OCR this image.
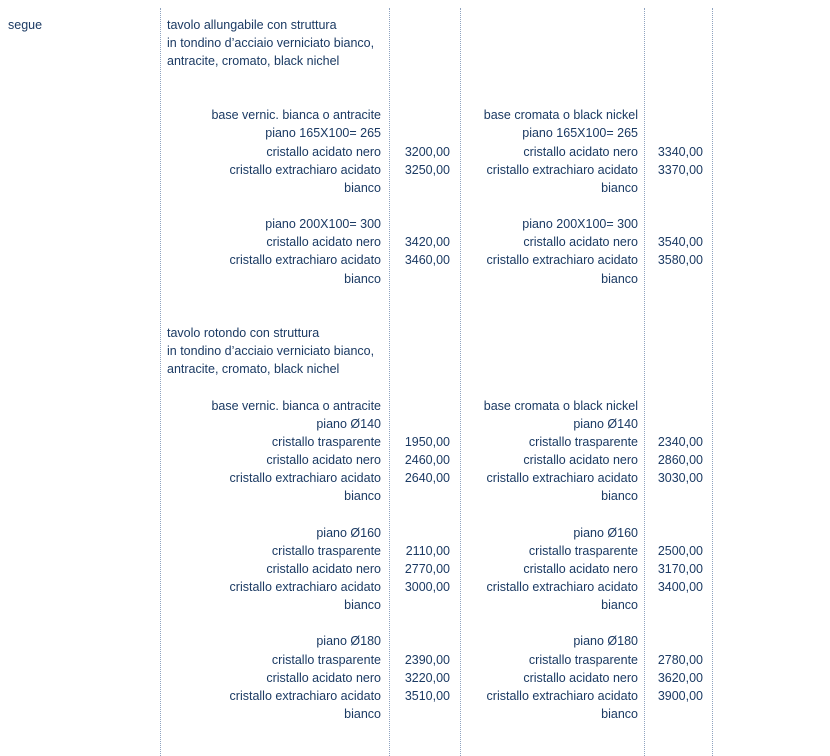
segue	tavolo allungabile con struttura
in tondino d’acciaio verniciato bianco,
antracite, cromato, black nichel
base vernic. bianca o antracite
piano 165X100= 265
cristallo acidato nero 3200,00
cristallo extrachiaro acidato 3250,00
bianco
piano 200X100= 300
cristallo acidato nero 3420,00
cristallo extrachiaro acidato 3460,00
bianco
base cromata o black nickel
piano 165X100= 265
cristallo acidato nero 3340,00
cristallo extrachiaro acidato 3370,00
bianco
piano 200X100= 300
cristallo acidato nero 3540,00
cristallo extrachiaro acidato 3580,00
bianco
tavolo rotondo con struttura
in tondino d’acciaio verniciato bianco,
antracite, cromato, black nichel
base vernic. bianca o antracite
piano Ø140
cristallo trasparente 1950,00
cristallo acidato nero 2460,00
cristallo extrachiaro acidato 2640,00
bianco
piano Ø160
cristallo trasparente 2110,00
cristallo acidato nero 2770,00
cristallo extrachiaro acidato 3000,00
bianco
piano Ø180
cristallo trasparente 2390,00
cristallo acidato nero 3220,00
cristallo extrachiaro acidato 3510,00
bianco
base cromata o black nickel
piano Ø140
cristallo trasparente 2340,00
cristallo acidato nero 2860,00
cristallo extrachiaro acidato 3030,00
bianco
piano Ø160
cristallo trasparente 2500,00
cristallo acidato nero 3170,00
cristallo extrachiaro acidato 3400,00
bianco
piano Ø180
cristallo trasparente 2780,00
cristallo acidato nero 3620,00
cristallo extrachiaro acidato 3900,00
bianco
